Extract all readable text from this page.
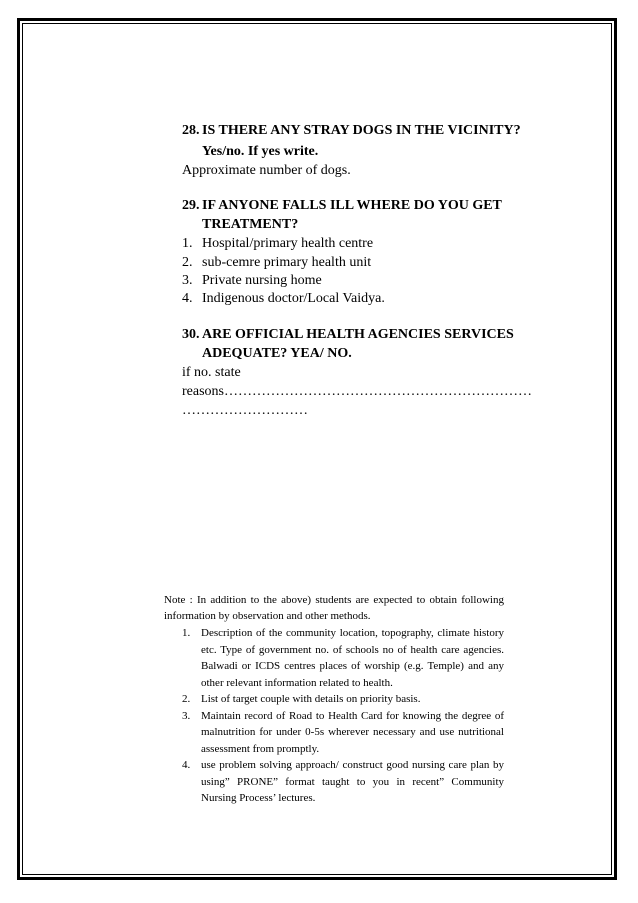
28. IS THERE ANY STRAY DOGS IN THE VICINITY?
Yes/no. If yes write.
Approximate number of dogs.
29. IF ANYONE FALLS ILL WHERE DO YOU GET
TREATMENT?
1. Hospital/primary health centre
2. sub-cemre primary health unit
3. Private nursing home
4. Indigenous doctor/Local Vaidya.
30. ARE OFFICIAL HEALTH AGENCIES SERVICES
ADEQUATE? YEA/ NO.
if no. state
reasons…………………………………………………………
………………………

Note : In addition to the above) students are expected to obtain following information by observation and other methods.

1. Description of the community location, topography, climate history etc. Type of government no. of schools no of health care agencies. Balwadi or ICDS centres places of worship (e.g. Temple) and any other relevant information related to health.
2. List of target couple with details on priority basis.
3. Maintain record of Road to Health Card for knowing the degree of malnutrition for under 0-5s wherever necessary and use nutritional assessment from promptly.
4. use problem solving approach/ construct good nursing care plan by using” PRONE” format taught to you in recent” Community Nursing Process’ lectures.
